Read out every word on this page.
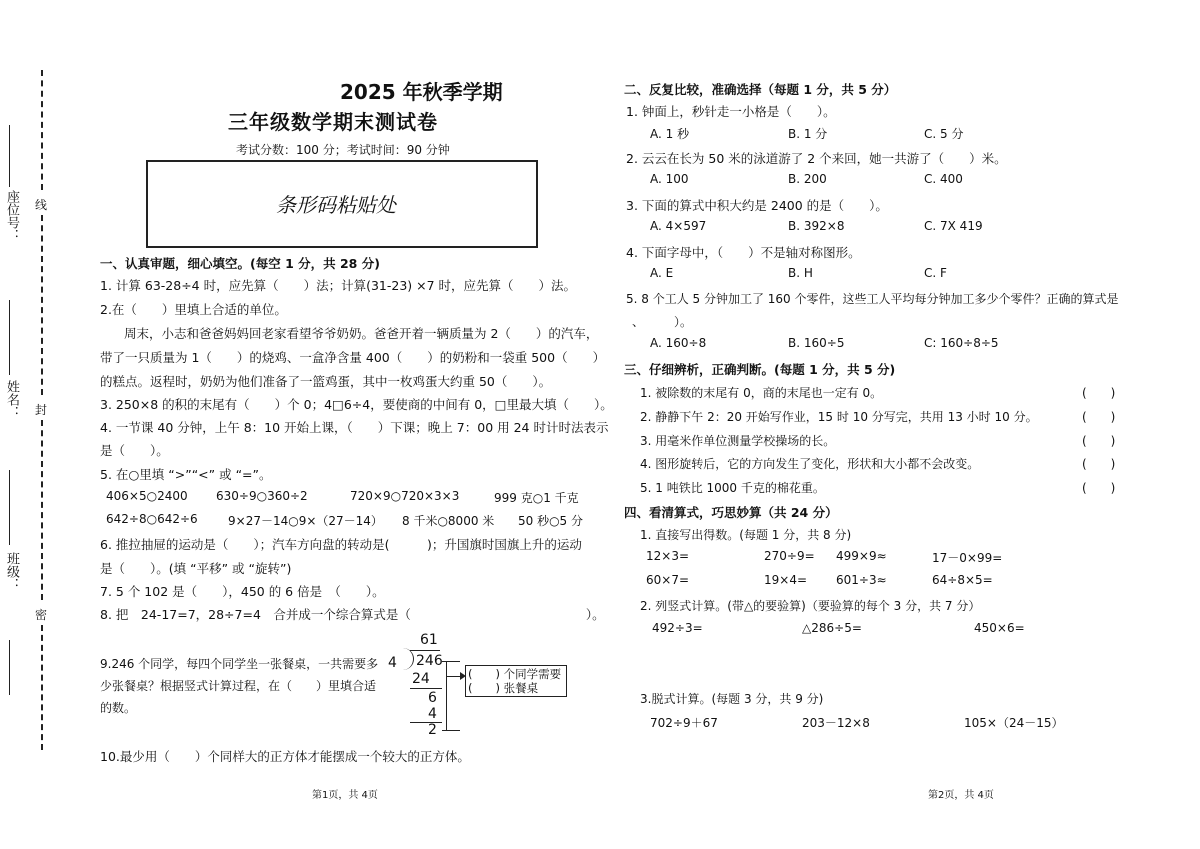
线
封
密
座位号：
姓名：
班级：
2025 年秋季学期
三年级数学期末测试卷
考试分数：100 分；考试时间：90 分钟
条形码粘贴处
一、认真审题，细心填空。(每空 1 分，共 28 分)
1. 计算 63-28÷4 时，应先算（　　）法；计算(31-23) ×7 时，应先算（　　）法。
2.在（　　）里填上合适的单位。
周末，小志和爸爸妈妈回老家看望爷爷奶奶。爸爸开着一辆质量为 2（　　）的汽车，
带了一只质量为 1（　　）的烧鸡、一盒净含量 400（　　）的奶粉和一袋重 500（　　）
的糕点。返程时，奶奶为他们准备了一篮鸡蛋，其中一枚鸡蛋大约重 50（　　）。
3. 250×8 的积的末尾有（　　）个 0；4□6÷4，要使商的中间有 0，□里最大填（　　）。
4. 一节课 40 分钟，上午 8：10 开始上课，（　　）下课；晚上 7：00 用 24 时计时法表示
是（　　）。
5. 在○里填 “>”“<” 或 “=”。
406×5○2400 630÷9○360÷2	720×9○720×3×3	999 克○1 千克
642÷8○642÷6	9×27－14○9×（27－14） 8 千米○8000 米 50 秒○5 分
6. 推拉抽屉的运动是（　　）；汽车方向盘的转动是(　　　)；升国旗时国旗上升的运动
是（　　）。(填 “平移” 或 “旋转”)
7. 5 个 102 是（　　），450 的 6 倍是　（　　）。
8. 把　24-17=7，28÷7=4　合并成一个综合算式是（　　　　　　　　　　　　　　）。
9.246 个同学，每四个同学坐一张餐桌，一共需要多
少张餐桌？根据竖式计算过程，在（　　）里填合适
的数。
61
4 246
24
6
4
2
(　　) 个同学需要
(　　) 张餐桌
10.最少用（　　）个同样大的正方体才能摆成一个较大的正方体。
第1页，共 4页
二、反复比较，准确选择（每题 1 分，共 5 分）
1. 钟面上，秒针走一小格是（　　）。
A. 1 秒	B. 1 分	C. 5 分
2. 云云在长为 50 米的泳道游了 2 个来回，她一共游了（　　）米。
A. 100	B. 200	C. 400
3. 下面的算式中积大约是 2400 的是（　　）。
A. 4×597	B. 392×8	C. 7X 419
4. 下面字母中，（　　）不是轴对称图形。
A. E	B. H	C. F
5. 8 个工人 5 分钟加工了 160 个零件，这些工人平均每分钟加工多少个零件？正确的算式是
、　　　）。
A. 160÷8	B. 160÷5	C: 160÷8÷5
三、仔细辨析，正确判断。(每题 1 分，共 5 分)
1. 被除数的末尾有 0，商的末尾也一定有 0。	(　　)
2. 静静下午 2：20 开始写作业，15 时 10 分写完，共用 13 小时 10 分。	(　　)
3. 用毫米作单位测量学校操场的长。	(　　)
4. 图形旋转后，它的方向发生了变化，形状和大小都不会改变。	(　　)
5. 1 吨铁比 1000 千克的棉花重。	(　　)
四、看清算式，巧思妙算（共 24 分）
1. 直接写出得数。(每题 1 分，共 8 分)
12×3=	270÷9= 499×9≈	17－0×99=
60×7=	19×4= 601÷3≈	64÷8×5=
2. 列竖式计算。(带△的要验算)（要验算的每个 3 分，共 7 分）
492÷3=	△286÷5=	450×6=
3.脱式计算。(每题 3 分，共 9 分)
702÷9＋67	203－12×8	105×（24－15）
第2页，共 4页
